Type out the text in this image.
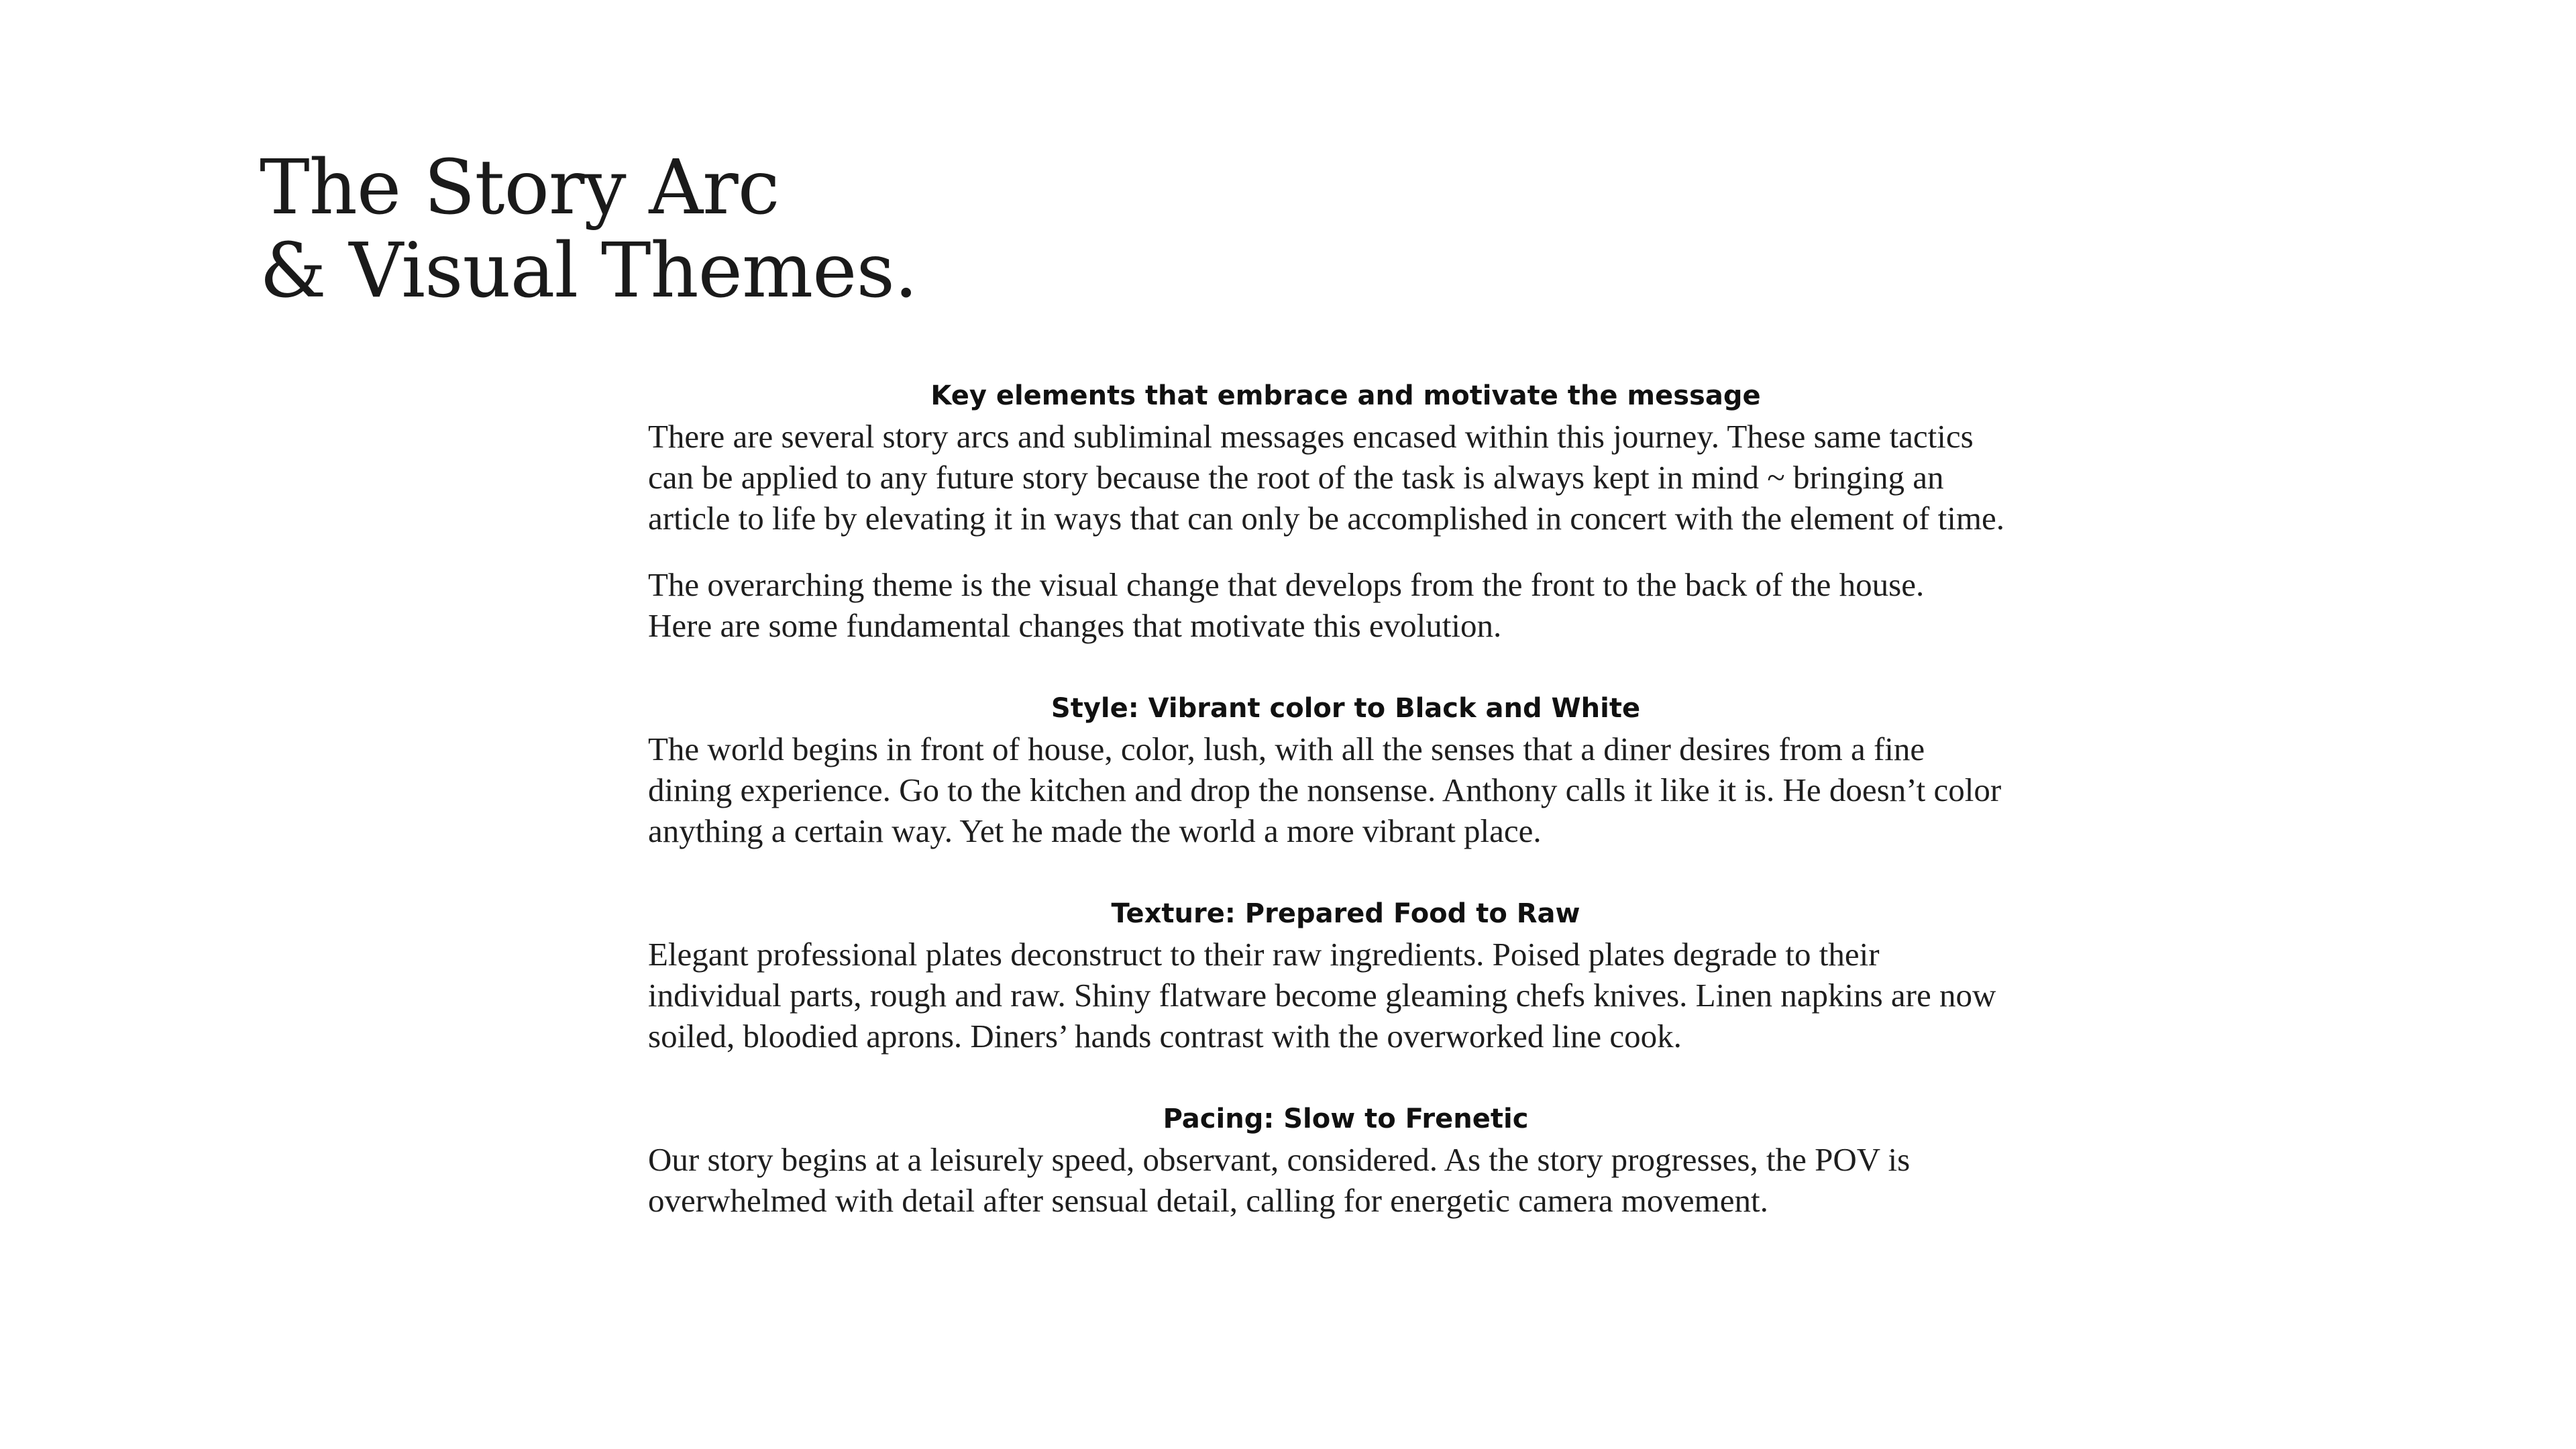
The Story Arc
& Visual Themes.
Key elements that embrace and motivate the message

There are several story arcs and subliminal messages encased within this journey. These same tactics
can be applied to any future story because the root of the task is always kept in mind ~ bringing an
article to life by elevating it in ways that can only be accomplished in concert with the element of time.

The overarching theme is the visual change that develops from the front to the back of the house.
Here are some fundamental changes that motivate this evolution.

Style: Vibrant color to Black and White

The world begins in front of house, color, lush, with all the senses that a diner desires from a fine
dining experience. Go to the kitchen and drop the nonsense. Anthony calls it like it is. He doesn’t color
anything a certain way. Yet he made the world a more vibrant place.

Texture: Prepared Food to Raw

Elegant professional plates deconstruct to their raw ingredients. Poised plates degrade to their
individual parts, rough and raw. Shiny flatware become gleaming chefs knives. Linen napkins are now
soiled, bloodied aprons. Diners’ hands contrast with the overworked line cook.

Pacing: Slow to Frenetic

Our story begins at a leisurely speed, observant, considered. As the story progresses, the POV is
overwhelmed with detail after sensual detail, calling for energetic camera movement.
